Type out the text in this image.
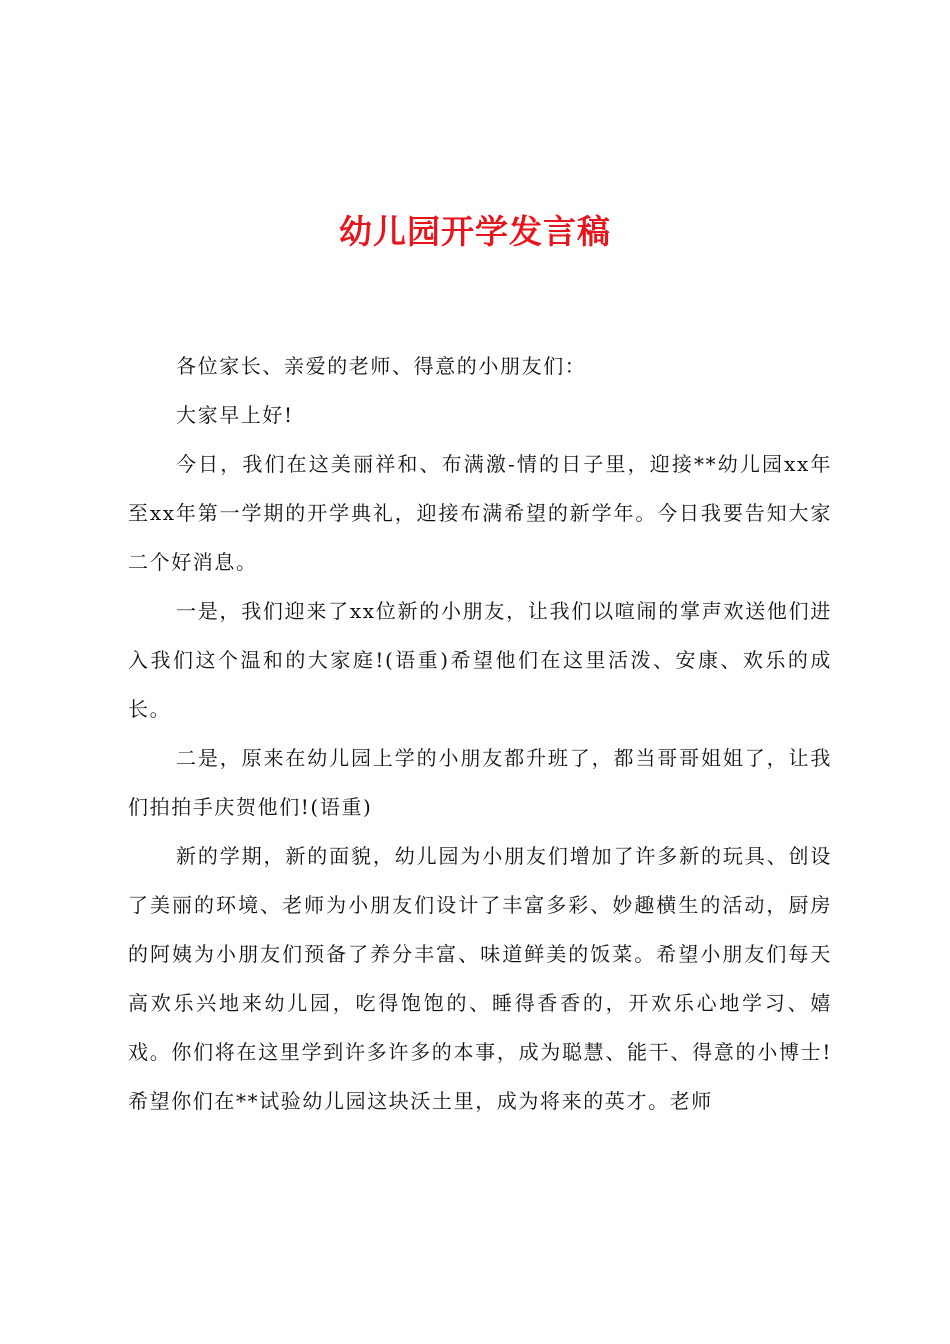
幼儿园开学发言稿

各位家长、亲爱的老师、得意的小朋友们：

大家早上好!

今日，我们在这美丽祥和、布满激-情的日子里，迎接**幼儿园xx年至xx年第一学期的开学典礼，迎接布满希望的新学年。今日我要告知大家二个好消息。

一是，我们迎来了xx位新的小朋友，让我们以喧闹的掌声欢送他们进入我们这个温和的大家庭!(语重)希望他们在这里活泼、安康、欢乐的成长。

二是，原来在幼儿园上学的小朋友都升班了，都当哥哥姐姐了，让我们拍拍手庆贺他们!(语重)

新的学期，新的面貌，幼儿园为小朋友们增加了许多新的玩具、创设了美丽的环境、老师为小朋友们设计了丰富多彩、妙趣横生的活动，厨房的阿姨为小朋友们预备了养分丰富、味道鲜美的饭菜。希望小朋友们每天高欢乐兴地来幼儿园，吃得饱饱的、睡得香香的，开欢乐心地学习、嬉戏。你们将在这里学到许多许多的本事，成为聪慧、能干、得意的小博士!希望你们在**试验幼儿园这块沃土里，成为将来的英才。老师
